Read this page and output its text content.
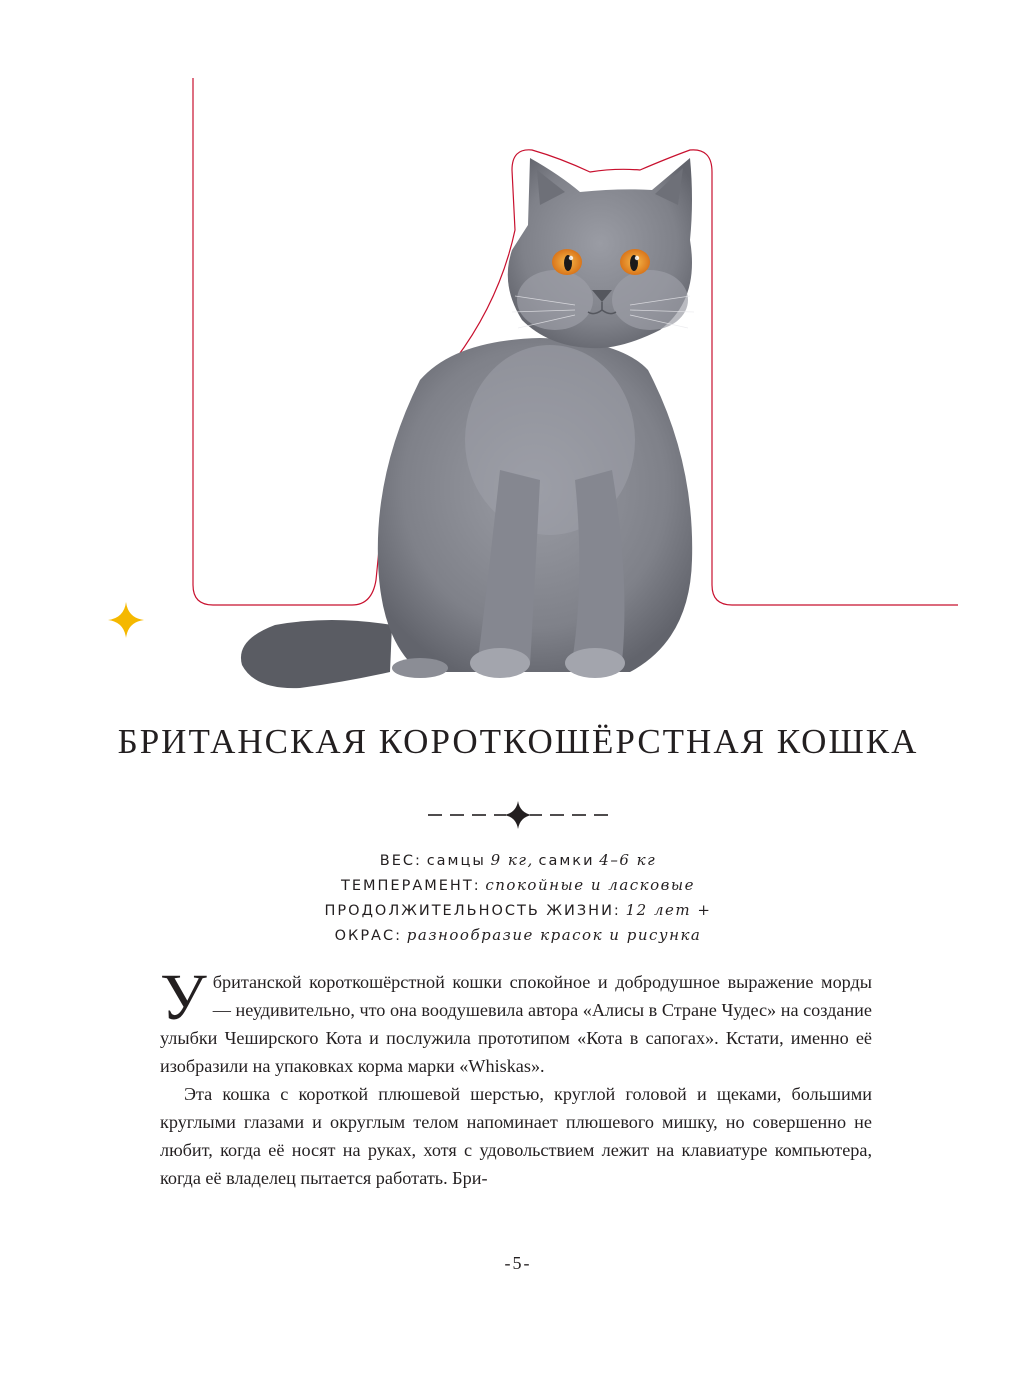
БРИТАНСКАЯ КОРОТКОШЁРСТНАЯ КОШКА
ВЕС: самцы 9 кг, самки 4–6 кг
ТЕМПЕРАМЕНТ: спокойные и ласковые
ПРОДОЛЖИТЕЛЬНОСТЬ ЖИЗНИ: 12 лет +
ОКРАС: разнообразие красок и рисунка

Убританской короткошёрстной кошки спокойное и добродушное выражение морды — неудивительно, что она воодушевила автора «Алисы в Стране Чудес» на создание улыбки Чеширского Кота и послужила прототипом «Кота в сапогах». Кстати, именно её изобразили на упаковках корма марки «Whiskas».

Эта кошка с короткой плюшевой шерстью, круглой головой и щеками, большими круглыми глазами и округлым телом напоминает плюшевого мишку, но совершенно не любит, когда её носят на руках, хотя с удовольствием лежит на клавиатуре компьютера, когда её владелец пытается работать. Бри-

-5-
